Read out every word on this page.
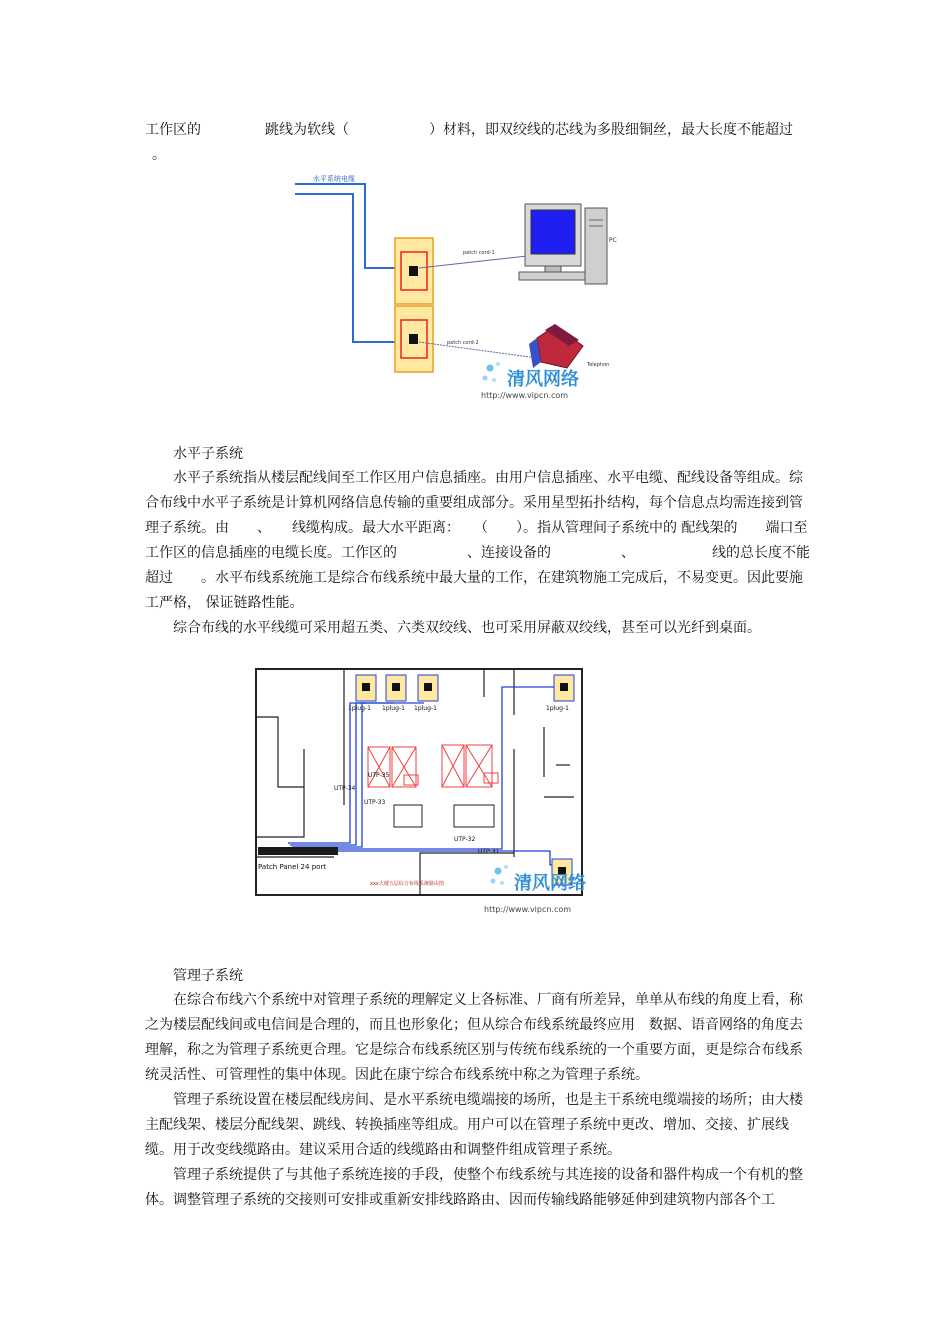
工作区的	跳线为软线（	）材料，即双绞线的芯线为多股细铜丝，最大长度不能超过
。
水平系统电缆
patch cord-1
patch cord-2
PC
Telephon
清风网络
http://www.vipcn.com
水平子系统

水平子系统指从楼层配线间至工作区用户信息插座。由用户信息插座、水平电缆、配线设备等组成。综合布线中水平子系统是计算机网络信息传输的重要组成部分。采用星型拓扑结构，每个信息点均需连接到管理子系统。由　　、　　线缆构成。最大水平距离：　　（　　）。指从管理间子系统中的 配线架的　　端口至工作区的信息插座的电缆长度。工作区的　　　　　、连接设备的　　　　　、　　　　　　线的总长度不能超过　　。水平布线系统施工是综合布线系统中最大量的工作，在建筑物施工完成后，不易变更。因此要施工严格， 保证链路性能。

综合布线的水平线缆可采用超五类、六类双绞线、也可采用屏蔽双绞线，甚至可以光纤到桌面。

1plug-1 1plug-1 1plug-1	1plug-1
UTP-34
UTP-35
UTP-33
UTP-32
UTP-31
Patch Panel 24 port
xxx大楼五层综合布线系统路由图	清风网络
http://www.vipcn.com
管理子系统

在综合布线六个系统中对管理子系统的理解定义上各标准、厂商有所差异，单单从布线的角度上看，称之为楼层配线间或电信间是合理的，而且也形象化；但从综合布线系统最终应用　数据、语音网络的角度去理解，称之为管理子系统更合理。它是综合布线系统区别与传统布线系统的一个重要方面，更是综合布线系统灵活性、可管理性的集中体现。因此在康宁综合布线系统中称之为管理子系统。

管理子系统设置在楼层配线房间、是水平系统电缆端接的场所，也是主干系统电缆端接的场所；由大楼主配线架、楼层分配线架、跳线、转换插座等组成。用户可以在管理子系统中更改、增加、交接、扩展线缆。用于改变线缆路由。建议采用合适的线缆路由和调整件组成管理子系统。

管理子系统提供了与其他子系统连接的手段，使整个布线系统与其连接的设备和器件构成一个有机的整体。调整管理子系统的交接则可安排或重新安排线路路由、因而传输线路能够延伸到建筑物内部各个工
